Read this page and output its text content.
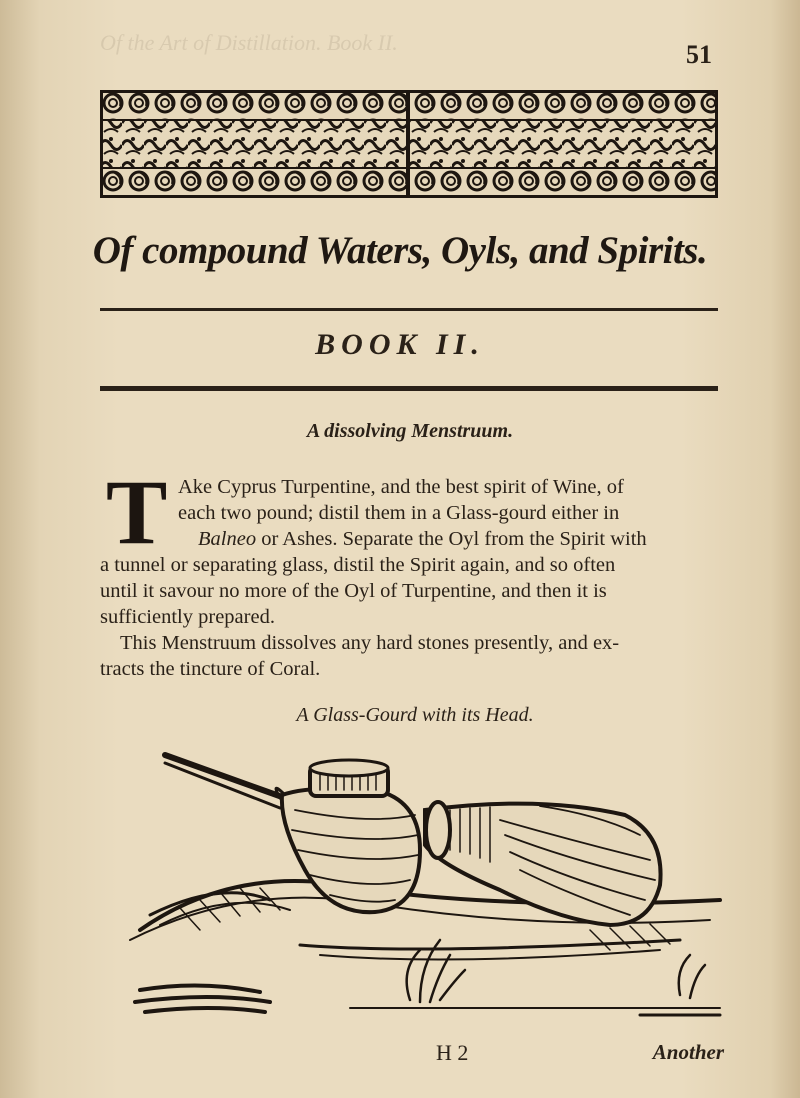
Of the Art of Distillation. Book II.	51
Of compound Waters, Oyls, and Spirits.
BOOK II.
A dissolving Menstruum.
T Ake Cyprus Turpentine, and the best spirit of Wine, of
each two pound; distil them in a Glass-gourd either in
Balneo or Ashes. Separate the Oyl from the Spirit with
a tunnel or separating glass, distil the Spirit again, and so often
until it savour no more of the Oyl of Turpentine, and then it is
sufficiently prepared.
This Menstruum dissolves any hard stones presently, and ex-
tracts the tincture of Coral.
A Glass-Gourd with its Head.
H 2	Another
